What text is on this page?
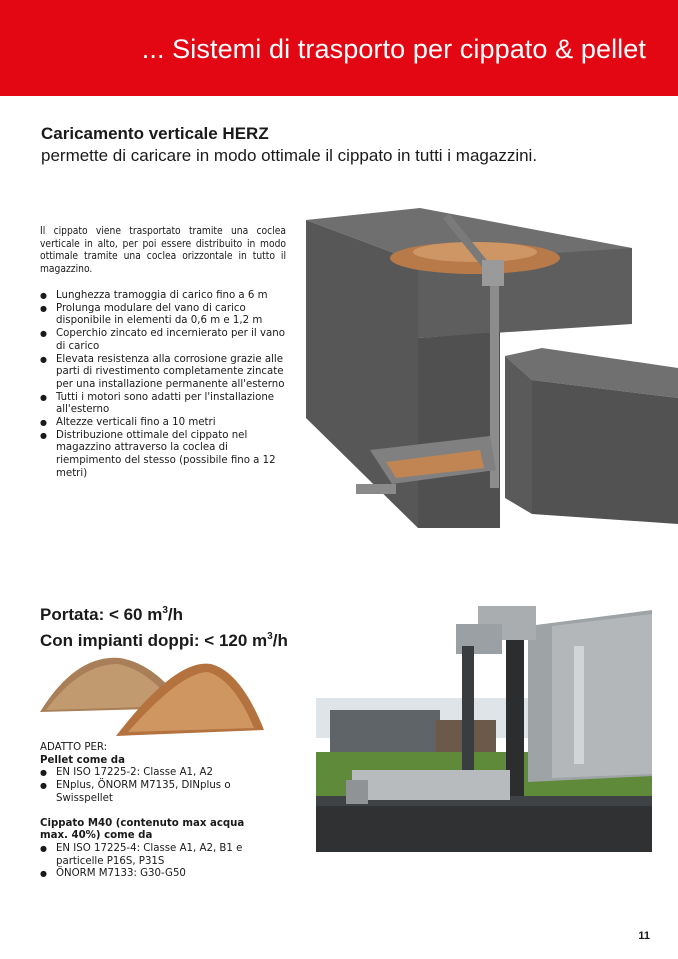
... Sistemi di trasporto per cippato & pellet
Caricamento verticale HERZ
permette di caricare in modo ottimale il cippato in tutti i magazzini.
Il cippato viene trasportato tramite una coclea verticale in alto, per poi essere distribuito in modo ottimale tramite una coclea orizzontale in tutto il magazzino.
● Lunghezza tramoggia di carico fino a 6 m
● Prolunga modulare del vano di carico disponibile in elementi da 0,6 m e 1,2 m
● Coperchio zincato ed incernierato per il vano di carico
● Elevata resistenza alla corrosione grazie alle parti di rivestimento completamente zincate per una installazione permanente all'esterno
● Tutti i motori sono adatti per l'installazione all'esterno
● Altezze verticali fino a 10 metri
● Distribuzione ottimale del cippato nel magazzino attraverso la coclea di riempimento del stesso (possibile fino a 12 metri)
Portata: < 60 $m^3/h$
Con impianti doppi: < 120 $m^3/h$
ADATTO PER:
Pellet come da
● EN ISO 17225-2: Classe A1, A2
● ENplus, ÖNORM M7135, DINplus o Swisspellet
Cippato M40 (contenuto max acqua
max. 40%) come da
● EN ISO 17225-4: Classe A1, A2, B1 e particelle P16S, P31S
● ÖNORM M7133: G30-G50
11
